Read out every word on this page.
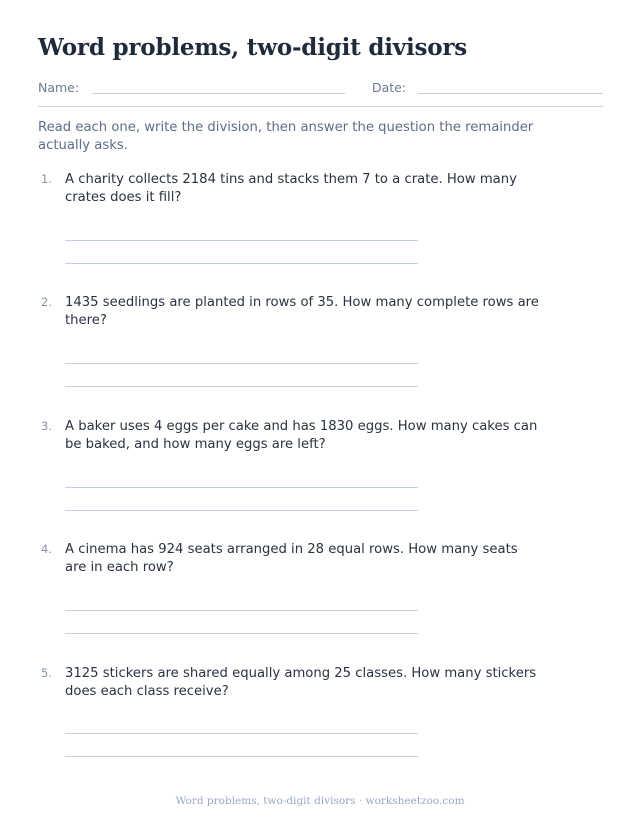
Word problems, two-digit divisors
Name:	Date:
Read each one, write the division, then answer the question the remainder actually asks.
1. A charity collects 2184 tins and stacks them 7 to a crate. How many crates does it fill?
2. 1435 seedlings are planted in rows of 35. How many complete rows are there?
3. A baker uses 4 eggs per cake and has 1830 eggs. How many cakes can be baked, and how many eggs are left?
4. A cinema has 924 seats arranged in 28 equal rows. How many seats are in each row?
5. 3125 stickers are shared equally among 25 classes. How many stickers does each class receive?
Word problems, two-digit divisors · worksheetzoo.com
